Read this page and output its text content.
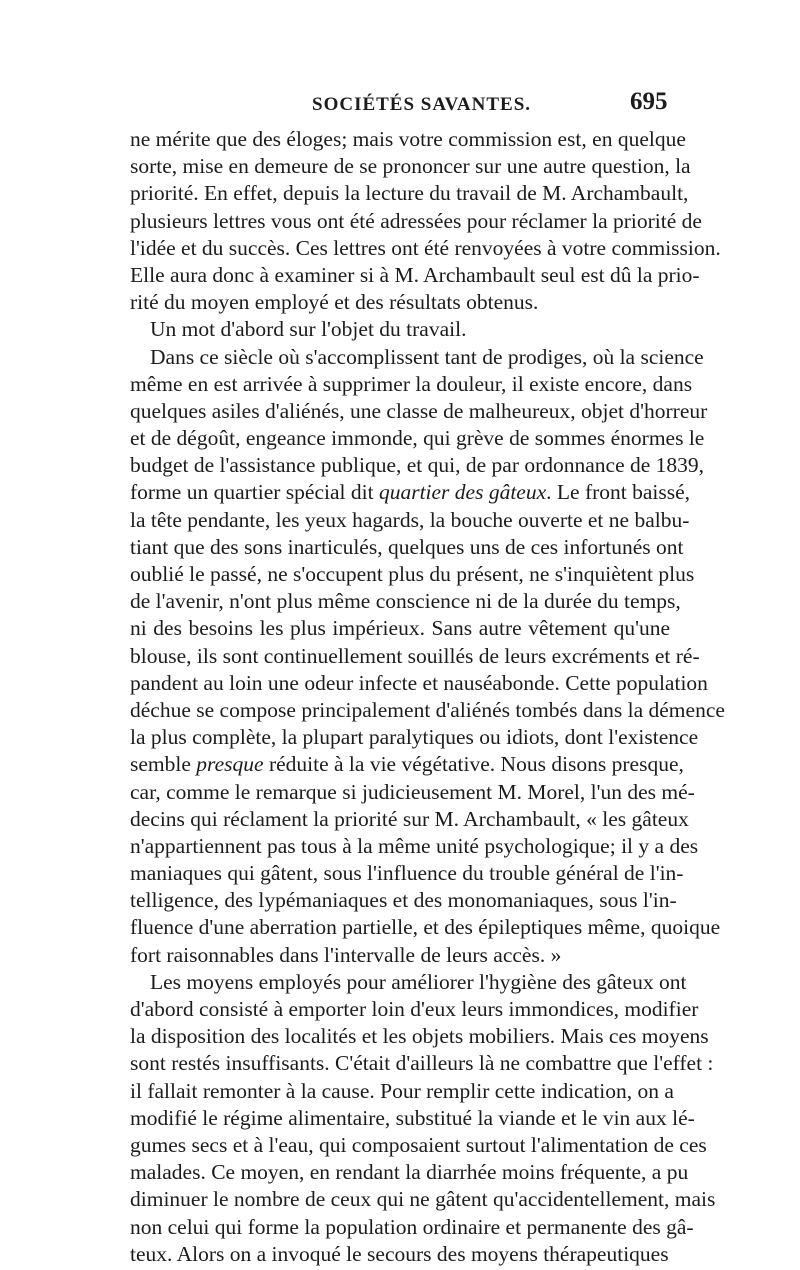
SOCIÉTÉS SAVANTES.	695
ne mérite que des éloges; mais votre commission est, en quelque
sorte, mise en demeure de se prononcer sur une autre question, la
priorité. En effet, depuis la lecture du travail de M. Archambault,
plusieurs lettres vous ont été adressées pour réclamer la priorité de
l'idée et du succès. Ces lettres ont été renvoyées à votre commission.
Elle aura donc à examiner si à M. Archambault seul est dû la prio-
rité du moyen employé et des résultats obtenus.
Un mot d'abord sur l'objet du travail.
Dans ce siècle où s'accomplissent tant de prodiges, où la science
même en est arrivée à supprimer la douleur, il existe encore, dans
quelques asiles d'aliénés, une classe de malheureux, objet d'horreur
et de dégoût, engeance immonde, qui grève de sommes énormes le
budget de l'assistance publique, et qui, de par ordonnance de 1839,
forme un quartier spécial dit quartier des gâteux. Le front baissé,
la tête pendante, les yeux hagards, la bouche ouverte et ne balbu-
tiant que des sons inarticulés, quelques uns de ces infortunés ont
oublié le passé, ne s'occupent plus du présent, ne s'inquiètent plus
de l'avenir, n'ont plus même conscience ni de la durée du temps,
ni des besoins les plus impérieux. Sans autre vêtement qu'une
blouse, ils sont continuellement souillés de leurs excréments et ré-
pandent au loin une odeur infecte et nauséabonde. Cette population
déchue se compose principalement d'aliénés tombés dans la démence
la plus complète, la plupart paralytiques ou idiots, dont l'existence
semble presque réduite à la vie végétative. Nous disons presque,
car, comme le remarque si judicieusement M. Morel, l'un des mé-
decins qui réclament la priorité sur M. Archambault, « les gâteux
n'appartiennent pas tous à la même unité psychologique; il y a des
maniaques qui gâtent, sous l'influence du trouble général de l'in-
telligence, des lypémaniaques et des monomaniaques, sous l'in-
fluence d'une aberration partielle, et des épileptiques même, quoique
fort raisonnables dans l'intervalle de leurs accès. »
Les moyens employés pour améliorer l'hygiène des gâteux ont
d'abord consisté à emporter loin d'eux leurs immondices, modifier
la disposition des localités et les objets mobiliers. Mais ces moyens
sont restés insuffisants. C'était d'ailleurs là ne combattre que l'effet :
il fallait remonter à la cause. Pour remplir cette indication, on a
modifié le régime alimentaire, substitué la viande et le vin aux lé-
gumes secs et à l'eau, qui composaient surtout l'alimentation de ces
malades. Ce moyen, en rendant la diarrhée moins fréquente, a pu
diminuer le nombre de ceux qui ne gâtent qu'accidentellement, mais
non celui qui forme la population ordinaire et permanente des gâ-
teux. Alors on a invoqué le secours des moyens thérapeutiques
